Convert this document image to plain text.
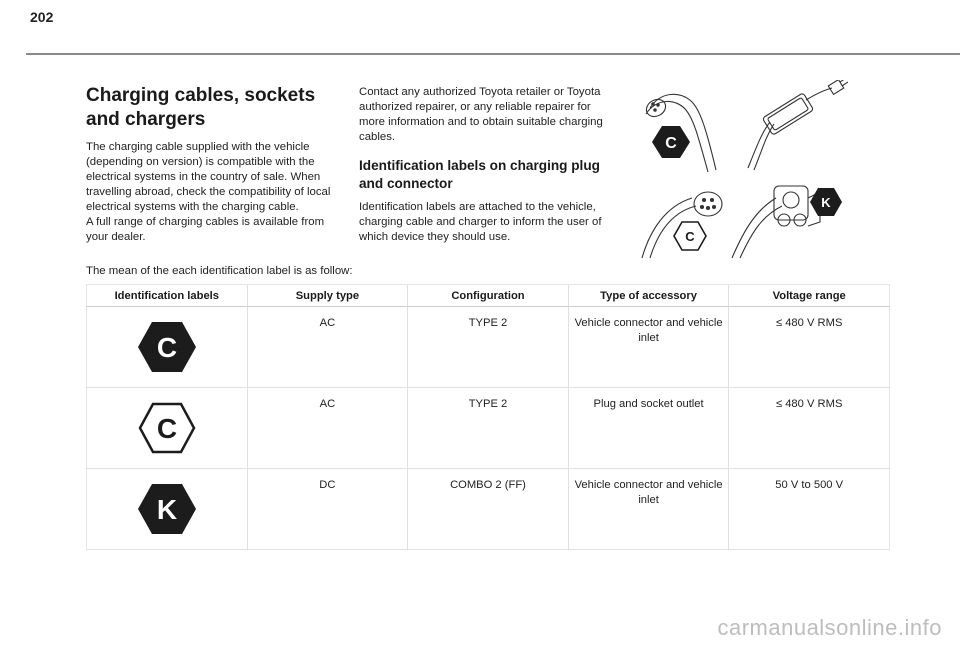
202
Charging cables, sockets and chargers

The charging cable supplied with the vehicle (depending on version) is compatible with the electrical systems in the country of sale. When travelling abroad, check the compatibility of local electrical systems with the charging cable.

A full range of charging cables is available from your dealer.

Contact any authorized Toyota retailer or Toyota authorized repairer, or any reliable repairer for more information and to obtain suitable charging cables.

Identification labels on charging plug and connector

Identification labels are attached to the vehicle, charging cable and charger to inform the user of which device they should use.

C
C
K

The mean of the each identification label is as follow:

Identification labels	Supply type	Configuration	Type of accessory	Voltage range

C	AC	TYPE 2	Vehicle connector and vehicle inlet	≤ 480 V RMS

C	AC	TYPE 2	Plug and socket outlet	≤ 480 V RMS

K	DC	COMBO 2 (FF)	Vehicle connector and vehicle inlet	50 V to 500 V
carmanualsonline.info
